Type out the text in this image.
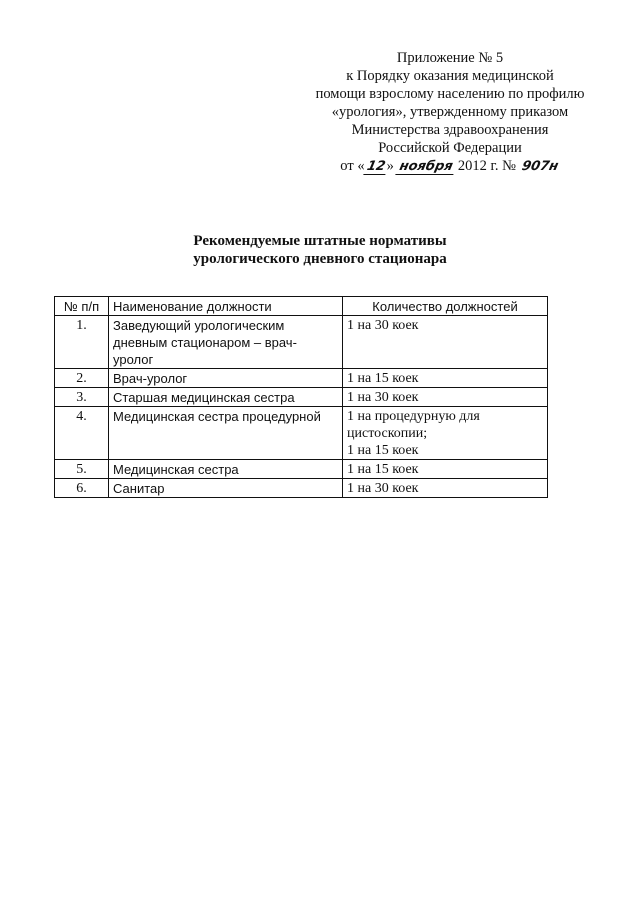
Приложение № 5
к Порядку оказания медицинской
помощи взрослому населению по профилю
«урология», утвержденному приказом
Министерства здравоохранения
Российской Федерации
от «12» ноября 2012 г. № 907н
Рекомендуемые штатные нормативы
урологического дневного стационара
№ п/п	Наименование должности	Количество должностей
1.	Заведующий урологическим
дневным стационаром – врач-
уролог	1 на 30 коек

2.	Врач-уролог	1 на 15 коек

3.	Старшая медицинская сестра	1 на 30 коек

4.	Медицинская сестра процедурной	1 на процедурную для
цистоскопии;
1 на 15 коек

5.	Медицинская сестра	1 на 15 коек

6.	Санитар	1 на 30 коек
